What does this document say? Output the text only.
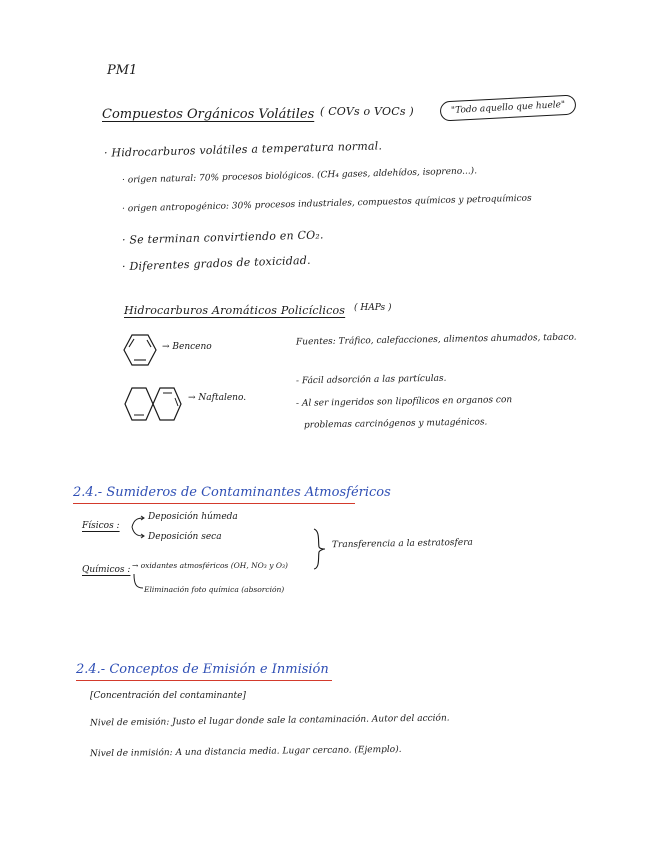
PM1
Compuestos Orgánicos Volátiles ( COVs o VOCs )	"Todo aquello que huele"
· Hidrocarburos volátiles a temperatura normal.
· origen natural: 70% procesos biológicos. (CH₄ gases, aldehídos, isopreno...).
· origen antropogénico: 30% procesos industriales, compuestos químicos y petroquímicos
· Se terminan convirtiendo en CO₂.
· Diferentes grados de toxicidad.
Hidrocarburos Aromáticos Policíclicos ( HAPs )
→ Benceno
→ Naftaleno.
Fuentes: Tráfico, calefacciones, alimentos ahumados, tabaco.
- Fácil adsorción a las partículas.
- Al ser ingeridos son lipofílicos en organos con
problemas carcinógenos y mutagénicos.
2.4.- Sumideros de Contaminantes Atmosféricos
Físicos :
Deposición húmeda
Deposición seca
Químicos : → oxidantes atmosféricos (OH, NO₃ y O₃)
Eliminación foto química (absorción)
Transferencia a la estratosfera
2.4.- Conceptos de Emisión e Inmisión
[Concentración del contaminante]
Nivel de emisión: Justo el lugar donde sale la contaminación. Autor del acción.
Nivel de inmisión: A una distancia media. Lugar cercano. (Ejemplo).
